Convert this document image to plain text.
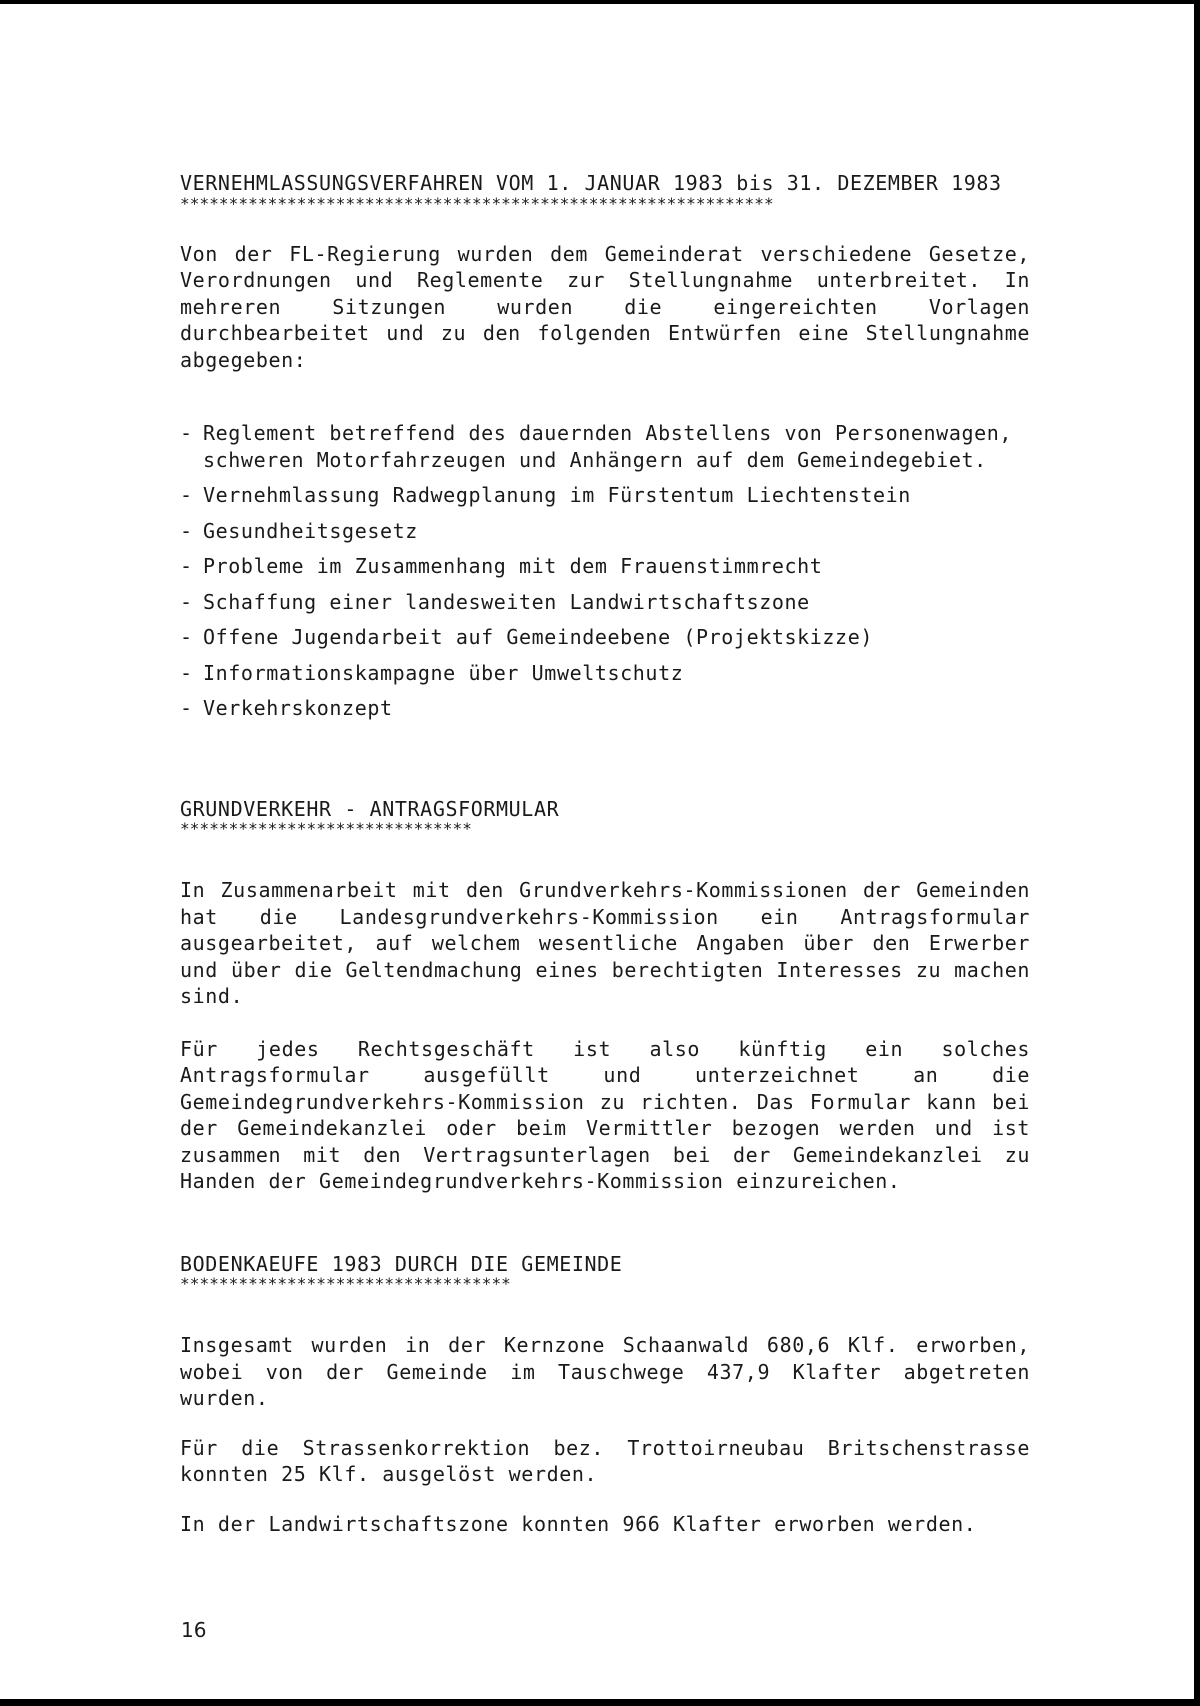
VERNEHMLASSUNGSVERFAHREN VOM 1. JANUAR 1983 bis 31. DEZEMBER 1983

*************************************************************

Von der FL-Regierung wurden dem Gemeinderat verschiedene Gesetze, Verordnungen und Reglemente zur Stellungnahme unterbreitet. In mehreren Sitzungen wurden die eingereichten Vorlagen durchbearbeitet und zu den folgenden Entwürfen eine Stellungnahme abgegeben:

- Reglement betreffend des dauernden Abstellens von Personenwagen, schweren Motorfahrzeugen und Anhängern auf dem Gemeindegebiet.
- Vernehmlassung Radwegplanung im Fürstentum Liechtenstein
- Gesundheitsgesetz
- Probleme im Zusammenhang mit dem Frauenstimmrecht
- Schaffung einer landesweiten Landwirtschaftszone
- Offene Jugendarbeit auf Gemeindeebene (Projektskizze)
- Informationskampagne über Umweltschutz
- Verkehrskonzept

GRUNDVERKEHR - ANTRAGSFORMULAR

******************************

In Zusammenarbeit mit den Grundverkehrs-Kommissionen der Gemeinden hat die Landesgrundverkehrs-Kommission ein Antragsformular ausgearbeitet, auf welchem wesentliche Angaben über den Erwerber und über die Geltendmachung eines berechtigten Interesses zu machen sind.

Für jedes Rechtsgeschäft ist also künftig ein solches Antragsformular ausgefüllt und unterzeichnet an die Gemeindegrundverkehrs-Kommission zu richten. Das Formular kann bei der Gemeindekanzlei oder beim Vermittler bezogen werden und ist zusammen mit den Vertragsunterlagen bei der Gemeindekanzlei zu Handen der Gemeindegrundverkehrs-Kommission einzureichen.

BODENKAEUFE 1983 DURCH DIE GEMEINDE

**********************************

Insgesamt wurden in der Kernzone Schaanwald 680,6 Klf. erworben, wobei von der Gemeinde im Tauschwege 437,9 Klafter abgetreten wurden.

Für die Strassenkorrektion bez. Trottoirneubau Britschenstrasse konnten 25 Klf. ausgelöst werden.

In der Landwirtschaftszone konnten 966 Klafter erworben werden.

16
